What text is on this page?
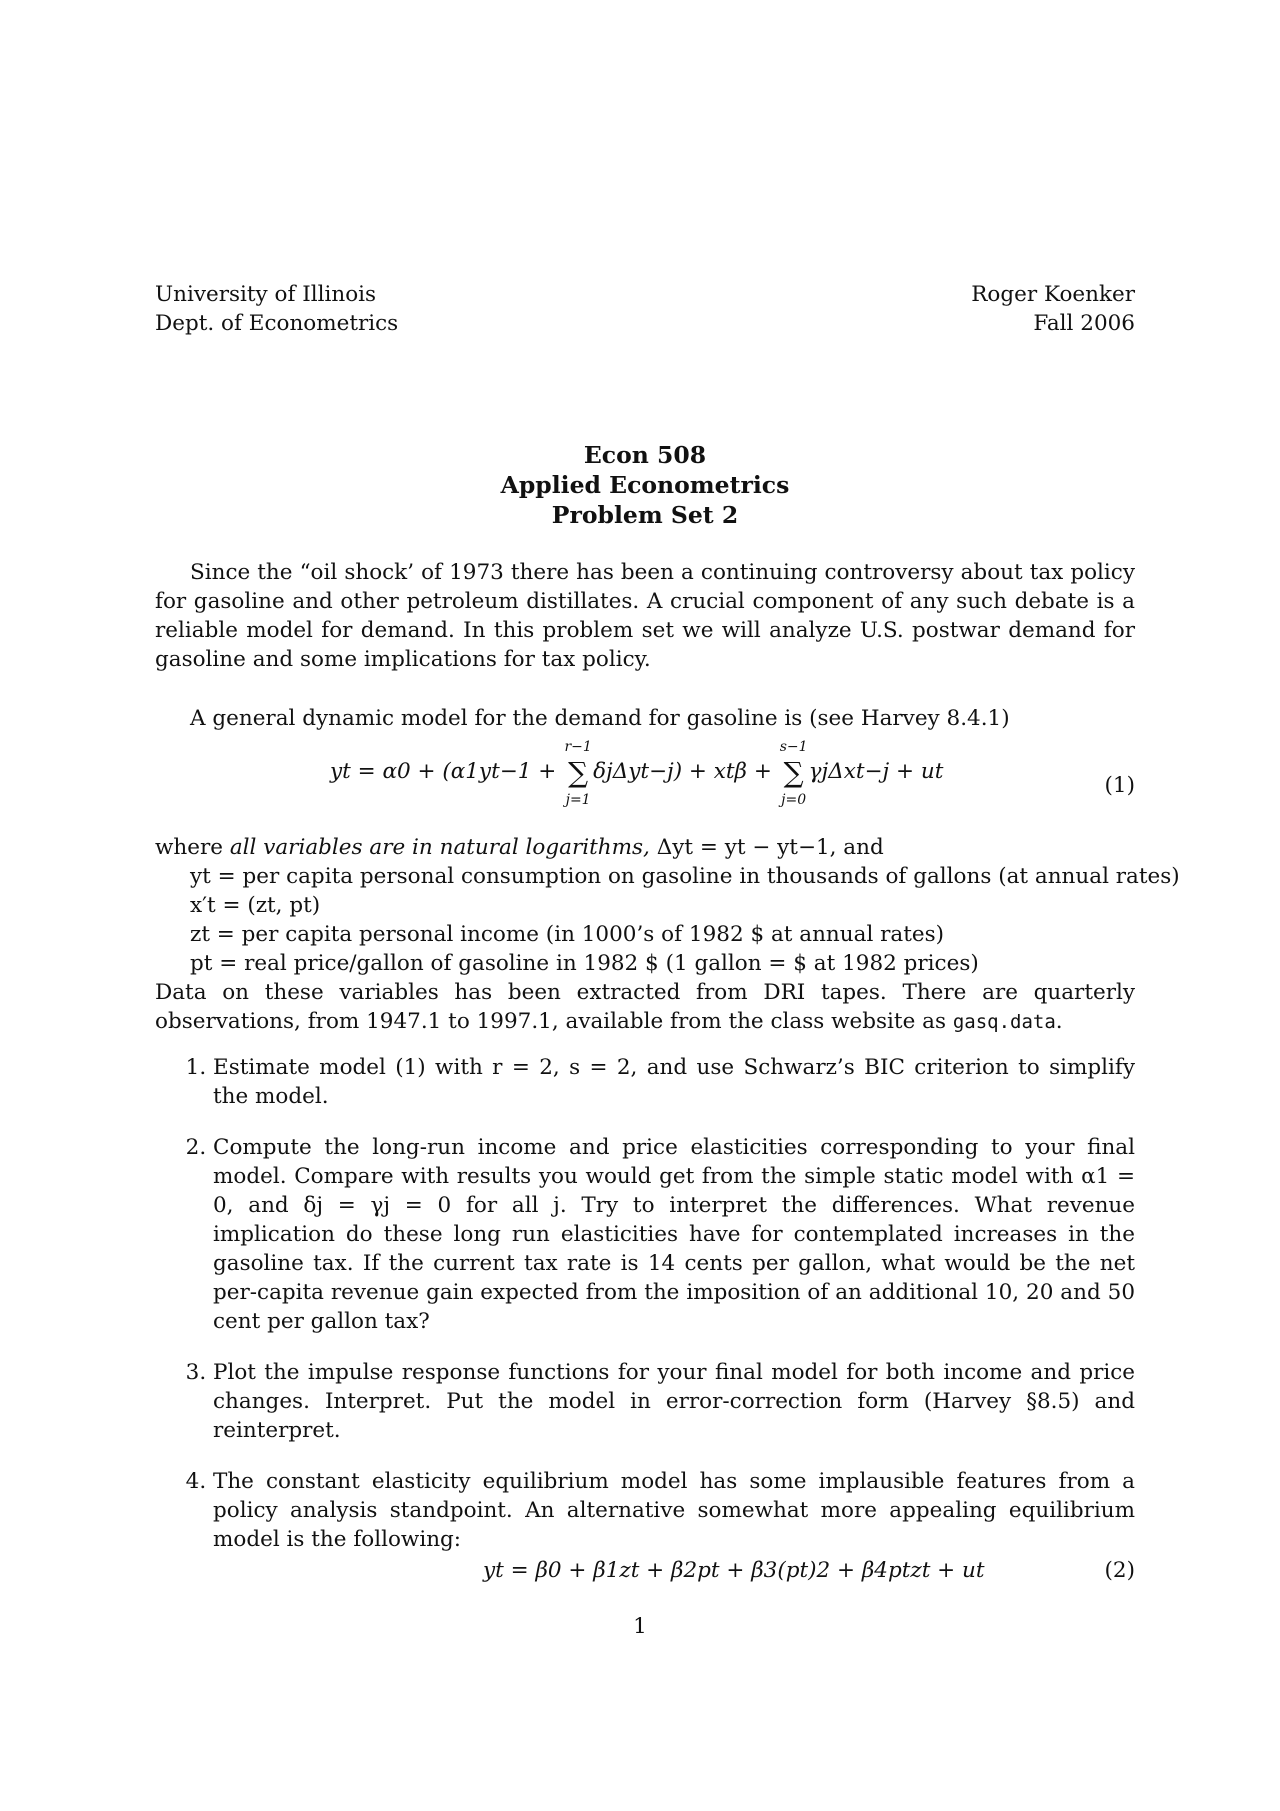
University of Illinois
Dept. of Econometrics
Roger Koenker
Fall 2006
Econ 508
Applied Econometrics
Problem Set 2

Since the “oil shock’ of 1973 there has been a continuing controversy about tax policy for gasoline and other petroleum distillates. A crucial component of any such debate is a reliable model for demand. In this problem set we will analyze U.S. postwar demand for gasoline and some implications for tax policy.

A general dynamic model for the demand for gasoline is (see Harvey 8.4.1)

yt = α0 + (α1yt−1 + ∑
r−1
j=1
δjΔyt−j) + xtβ + ∑
s−1
j=0
γjΔxt−j + ut
(1)

where all variables are in natural logarithms, Δyt = yt − yt−1, and

yt = per capita personal consumption on gasoline in thousands of gallons (at annual rates)
x′t = (zt, pt)
zt = per capita personal income (in 1000’s of 1982 $ at annual rates)
pt = real price/gallon of gasoline in 1982 $ (1 gallon = $ at 1982 prices)

Data on these variables has been extracted from DRI tapes. There are quarterly observations, from 1947.1 to 1997.1, available from the class website as gasq.data.

1. Estimate model (1) with r = 2, s = 2, and use Schwarz’s BIC criterion to simplify the model.
2. Compute the long-run income and price elasticities corresponding to your final model. Compare with results you would get from the simple static model with α1 = 0, and δj = γj = 0 for all j. Try to interpret the differences. What revenue implication do these long run elasticities have for contemplated increases in the gasoline tax. If the current tax rate is 14 cents per gallon, what would be the net per-capita revenue gain expected from the imposition of an additional 10, 20 and 50 cent per gallon tax?
3. Plot the impulse response functions for your final model for both income and price changes. Interpret. Put the model in error-correction form (Harvey §8.5) and reinterpret.
4. The constant elasticity equilibrium model has some implausible features from a policy analysis standpoint. An alternative somewhat more appealing equilibrium model is the following:
yt = β0 + β1zt + β2pt + β3(pt)2 + β4ptzt + ut	(2)
1
